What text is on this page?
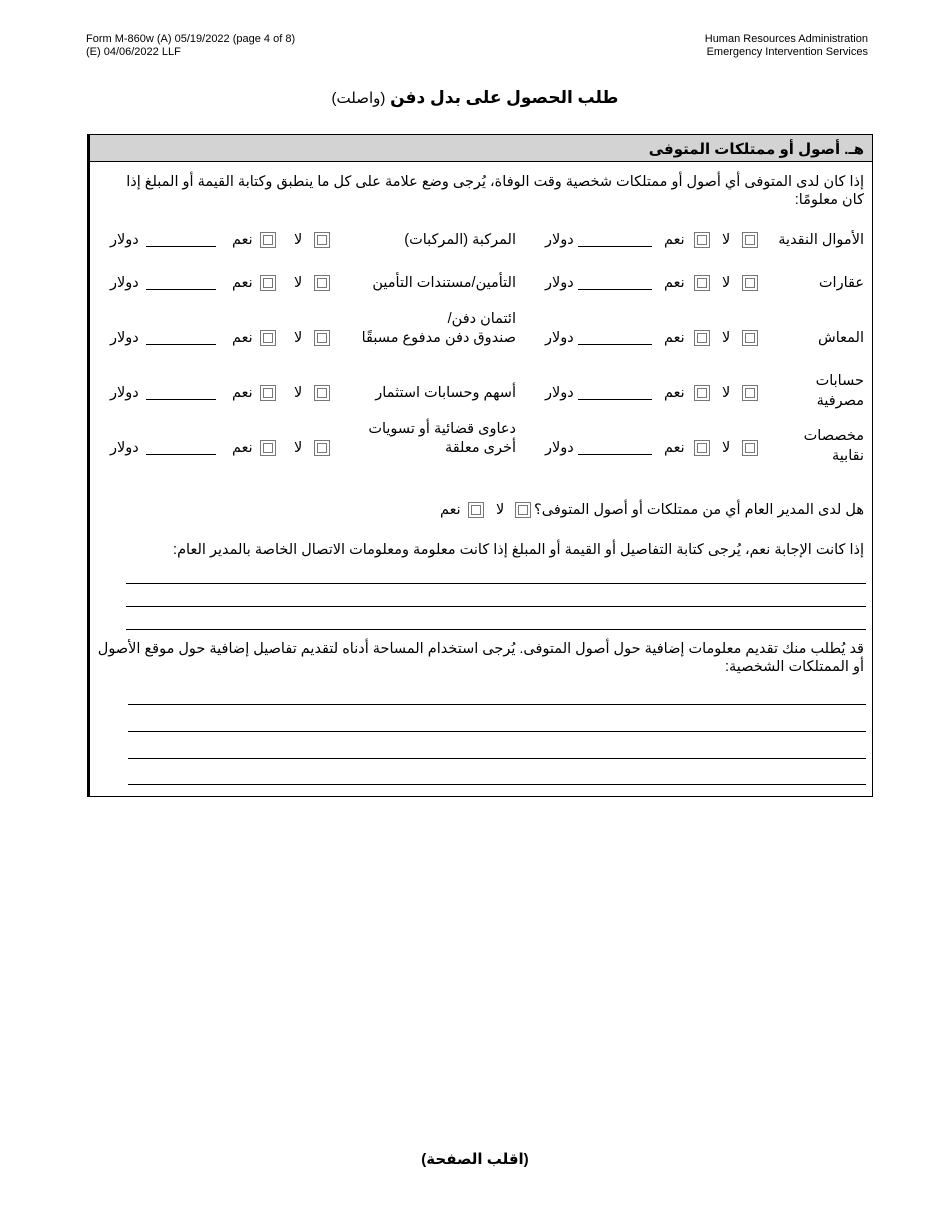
Form M-860w (A) 05/19/2022 (page 4 of 8)
(E) 04/06/2022 LLF
Human Resources Administration
Emergency Intervention Services
طلب الحصول على بدل دفن (واصلت)
هـ. أصول أو ممتلكات المتوفى
إذا كان لدى المتوفى أي أصول أو ممتلكات شخصية وقت الوفاة، يُرجى وضع علامة على كل ما ينطبق وكتابة القيمة أو المبلغ إذا كان معلومًا:
الأموال النقدية
لا
نعم
دولار
المركبة (المركبات)
لا
نعم
دولار
عقارات
لا
نعم
دولار
التأمين/مستندات التأمين
لا
نعم
دولار
المعاش
لا
نعم
دولار
ائتمان دفن/
صندوق دفن مدفوع مسبقًا
لا
نعم
دولار
حسابات
مصرفية
لا
نعم
دولار
أسهم وحسابات استثمار
لا
نعم
دولار
مخصصات
نقابية
لا
نعم
دولار
دعاوى قضائية أو تسويات
أخرى معلقة
لا
نعم
دولار
هل لدى المدير العام أي من ممتلكات أو أصول المتوفى؟
لا
نعم
إذا كانت الإجابة نعم، يُرجى كتابة التفاصيل أو القيمة أو المبلغ إذا كانت معلومة ومعلومات الاتصال الخاصة بالمدير العام:
قد يُطلب منك تقديم معلومات إضافية حول أصول المتوفى. يُرجى استخدام المساحة أدناه لتقديم تفاصيل إضافية حول موقع الأصول أو الممتلكات الشخصية:
(اقلب الصفحة)
